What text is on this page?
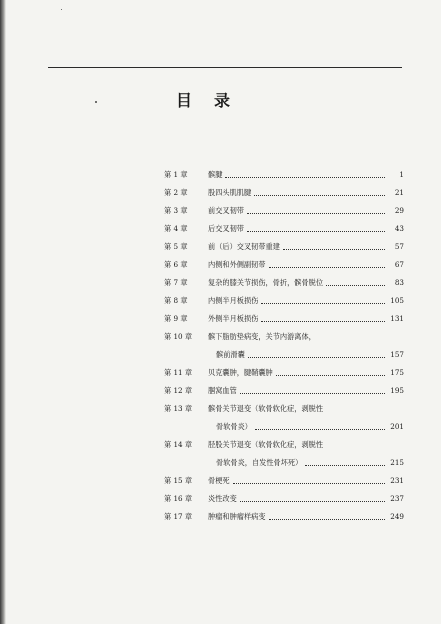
目 录
第 1 章	髌腱	1
第 2 章	股四头肌肌腱	21
第 3 章	前交叉韧带	29
第 4 章	后交叉韧带	43
第 5 章	前（后）交叉韧带重建	57
第 6 章	内侧和外侧副韧带	67
第 7 章	复杂的膝关节损伤，骨折，髌骨脱位	83
第 8 章	内侧半月板损伤	105
第 9 章	外侧半月板损伤	131
第 10 章	髌下脂肪垫病变，关节内游离体，
髌前滑囊	157
第 11 章	贝克囊肿，腱鞘囊肿	175
第 12 章	腘窝血管	195
第 13 章	髌骨关节退变（软骨软化症，剥脱性
骨软骨炎）	201
第 14 章	胫股关节退变（软骨软化症，剥脱性
骨软骨炎，自发性骨坏死）	215
第 15 章	骨梗死	231
第 16 章	炎性改变	237
第 17 章	肿瘤和肿瘤样病变	249
